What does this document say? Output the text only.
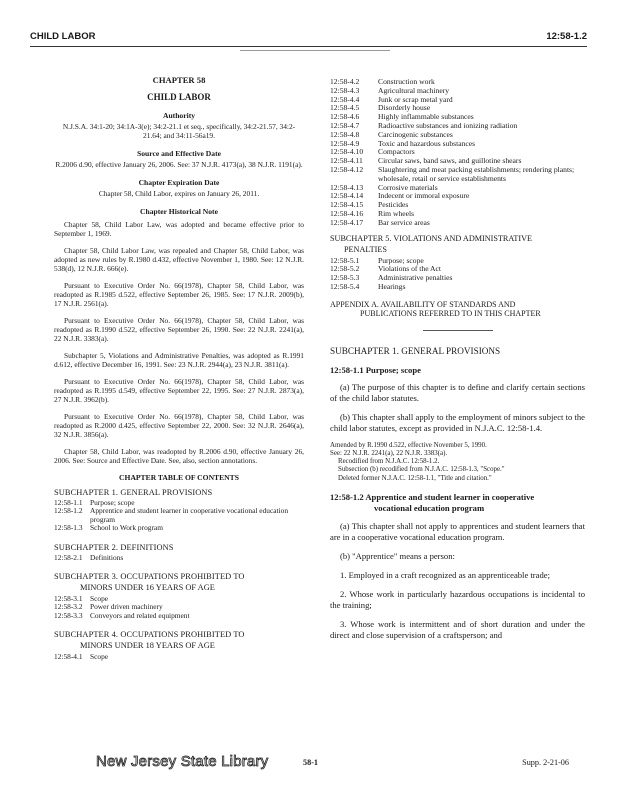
CHILD LABOR	12:58-1.2
CHAPTER 58
CHILD LABOR
Authority
N.J.S.A. 34:1-20; 34:1A-3(e); 34:2-21.1 et seq., specifically, 34:2-21.57, 34:2-21.64; and 34:11-56a19.
Source and Effective Date
R.2006 d.90, effective January 26, 2006. See: 37 N.J.R. 4173(a), 38 N.J.R. 1191(a).
Chapter Expiration Date
Chapter 58, Child Labor, expires on January 26, 2011.
Chapter Historical Note
Chapter 58, Child Labor Law, was adopted and became effective prior to September 1, 1969.
Chapter 58, Child Labor Law, was repealed and Chapter 58, Child Labor, was adopted as new rules by R.1980 d.432, effective November 1, 1980. See: 12 N.J.R. 538(d), 12 N.J.R. 666(e).
Pursuant to Executive Order No. 66(1978), Chapter 58, Child Labor, was readopted as R.1985 d.522, effective September 26, 1985. See: 17 N.J.R. 2009(b), 17 N.J.R. 2561(a).
Pursuant to Executive Order No. 66(1978), Chapter 58, Child Labor, was readopted as R.1990 d.522, effective September 26, 1990. See: 22 N.J.R. 2241(a), 22 N.J.R. 3383(a).
Subchapter 5, Violations and Administrative Penalties, was adopted as R.1991 d.612, effective December 16, 1991. See: 23 N.J.R. 2944(a), 23 N.J.R. 3811(a).
Pursuant to Executive Order No. 66(1978), Chapter 58, Child Labor, was readopted as R.1995 d.549, effective September 22, 1995. See: 27 N.J.R. 2873(a), 27 N.J.R. 3962(b).
Pursuant to Executive Order No. 66(1978), Chapter 58, Child Labor, was readopted as R.2000 d.425, effective September 22, 2000. See: 32 N.J.R. 2646(a), 32 N.J.R. 3856(a).
Chapter 58, Child Labor, was readopted by R.2006 d.90, effective January 26, 2006. See: Source and Effective Date. See, also, section annotations.
CHAPTER TABLE OF CONTENTS
SUBCHAPTER 1. GENERAL PROVISIONS
12:58-1.1	Purpose; scope
12:58-1.2	Apprentice and student learner in cooperative vocational education program
12:58-1.3	School to Work program
SUBCHAPTER 2. DEFINITIONS
12:58-2.1	Definitions
SUBCHAPTER 3. OCCUPATIONS PROHIBITED TO
MINORS UNDER 16 YEARS OF AGE
12:58-3.1	Scope
12:58-3.2	Power driven machinery
12:58-3.3	Conveyors and related equipment
SUBCHAPTER 4. OCCUPATIONS PROHIBITED TO
MINORS UNDER 18 YEARS OF AGE
12:58-4.1	Scope
12:58-4.2	Construction work
12:58-4.3	Agricultural machinery
12:58-4.4	Junk or scrap metal yard
12:58-4.5	Disorderly house
12:58-4.6	Highly inflammable substances
12:58-4.7	Radioactive substances and ionizing radiation
12:58-4.8	Carcinogenic substances
12:58-4.9	Toxic and hazardous substances
12:58-4.10	Compactors
12:58-4.11	Circular saws, band saws, and guillotine shears
12:58-4.12	Slaughtering and meat packing establishments; rendering plants; wholesale, retail or service establishments
12:58-4.13	Corrosive materials
12:58-4.14	Indecent or immoral exposure
12:58-4.15	Pesticides
12:58-4.16	Rim wheels
12:58-4.17	Bar service areas
SUBCHAPTER 5. VIOLATIONS AND ADMINISTRATIVE
PENALTIES
12:58-5.1	Purpose; scope
12:58-5.2	Violations of the Act
12:58-5.3	Administrative penalties
12:58-5.4	Hearings
APPENDIX A. AVAILABILITY OF STANDARDS AND
PUBLICATIONS REFERRED TO IN THIS CHAPTER
SUBCHAPTER 1. GENERAL PROVISIONS
12:58-1.1 Purpose; scope
(a) The purpose of this chapter is to define and clarify certain sections of the child labor statutes.
(b) This chapter shall apply to the employment of minors subject to the child labor statutes, except as provided in N.J.A.C. 12:58-1.4.
Amended by R.1990 d.522, effective November 5, 1990.
See: 22 N.J.R. 2241(a), 22 N.J.R. 3383(a).
Recodified from N.J.A.C. 12:58-1.2.
Subsection (b) recodified from N.J.A.C. 12:58-1.3, "Scope."
Deleted former N.J.A.C. 12:58-1.1, "Title and citation."
12:58-1.2 Apprentice and student learner in cooperative
vocational education program
(a) This chapter shall not apply to apprentices and student learners that are in a cooperative vocational education program.
(b) "Apprentice" means a person:
1. Employed in a craft recognized as an apprenticeable trade;
2. Whose work in particularly hazardous occupations is incidental to the training;
3. Whose work is intermittent and of short duration and under the direct and close supervision of a craftsperson; and
New Jersey State Library	58-1	Supp. 2-21-06
